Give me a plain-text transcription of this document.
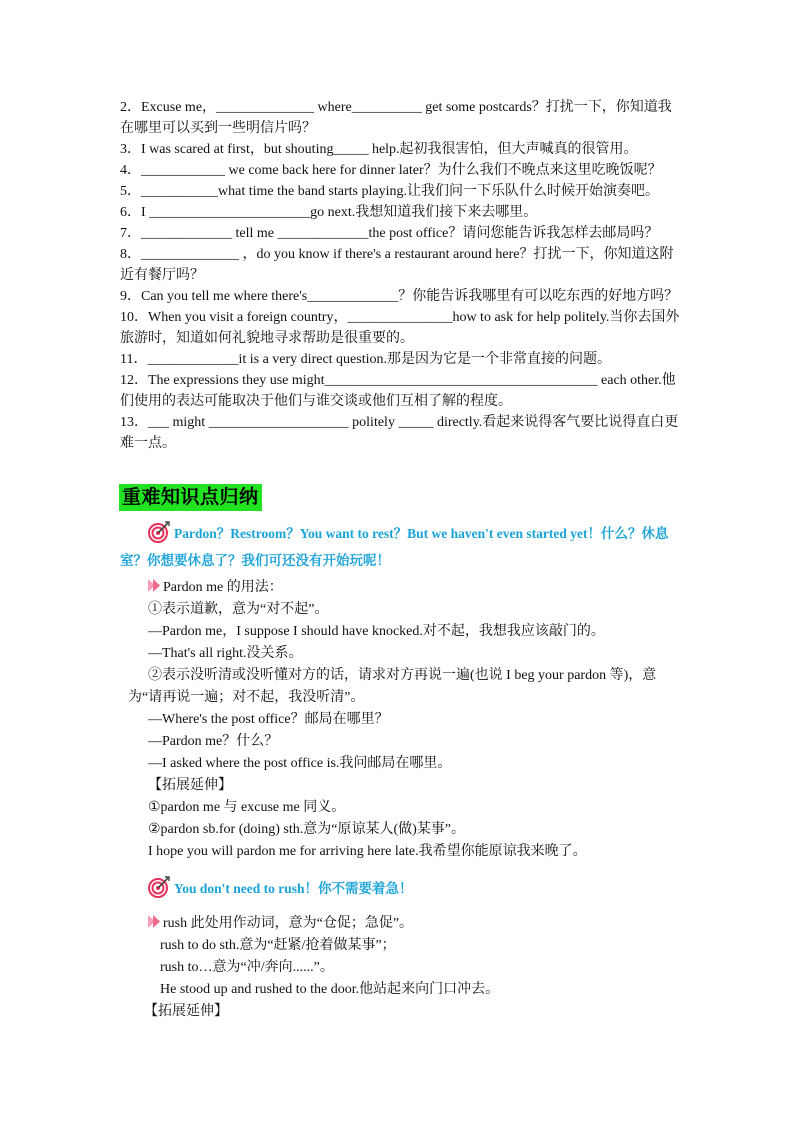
2．Excuse me，______________ where__________ get some postcards？打扰一下，你知道我在哪里可以买到一些明信片吗？

3．I was scared at first，but shouting_____ help.起初我很害怕，但大声喊真的很管用。

4．____________ we come back here for dinner later？为什么我们不晚点来这里吃晚饭呢？

5．___________what time the band starts playing.让我们问一下乐队什么时候开始演奏吧。

6．I _______________________go next.我想知道我们接下来去哪里。

7．_____________ tell me _____________the post office？请问您能告诉我怎样去邮局吗？

8．______________ ，do you know if there's a restaurant around here？打扰一下，你知道这附近有餐厅吗？

9．Can you tell me where there's_____________？你能告诉我哪里有可以吃东西的好地方吗？

10．When you visit a foreign country，_______________how to ask for help politely.当你去国外旅游时，知道如何礼貌地寻求帮助是很重要的。

11．_____________it is a very direct question.那是因为它是一个非常直接的问题。

12．The expressions they use might_______________________________________ each other.他们使用的表达可能取决于他们与谁交谈或他们互相了解的程度。

13．___ might ____________________ politely _____ directly.看起来说得客气要比说得直白更难一点。

重难知识点归纳
Pardon？Restroom？You want to rest？But we haven't even started yet！什么？休息室？你想要休息了？我们可还没有开始玩呢！

Pardon me 的用法：

①表示道歉，意为“对不起”。

—Pardon me，I suppose I should have knocked.对不起，我想我应该敲门的。

—That's all right.没关系。

②表示没听清或没听懂对方的话，请求对方再说一遍(也说 I beg your pardon 等)，意为“请再说一遍；对不起，我没听清”。

—Where's the post office？邮局在哪里？

—Pardon me？什么？

—I asked where the post office is.我问邮局在哪里。

【拓展延伸】

①pardon me 与 excuse me 同义。

②pardon sb.for (doing) sth.意为“原谅某人(做)某事”。

I hope you will pardon me for arriving here late.我希望你能原谅我来晚了。

You don't need to rush！你不需要着急！

rush 此处用作动词，意为“仓促；急促”。

rush to do sth.意为“赶紧/抢着做某事”；

rush to…意为“冲/奔向......”。

He stood up and rushed to the door.他站起来向门口冲去。

【拓展延伸】
